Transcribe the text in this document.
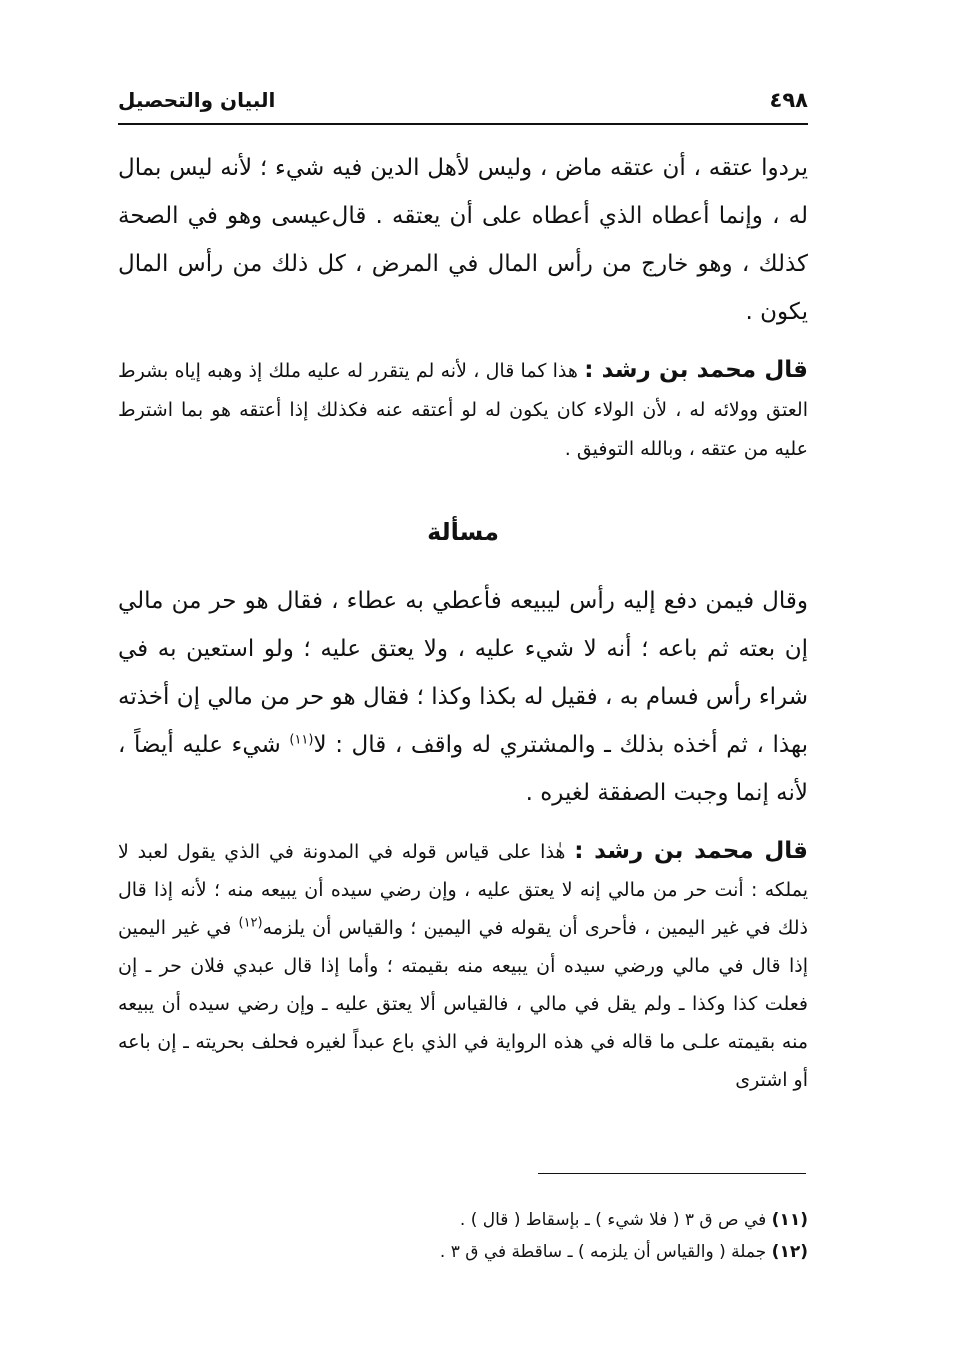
٤٩٨
البيان والتحصيل

يردوا عتقه ، أن عتقه ماض ، وليس لأهل الدين فيه شيء ؛ لأنه ليس بمال له ، وإنما أعطاه الذي أعطاه على أن يعتقه . قال‌عيسى وهو في الصحة كذلك ، وهو خارج من رأس المال في المرض ، كل ذلك من رأس المال يكون .

قال محمد بن رشد : هذا كما قال ، لأنه لم يتقرر له عليه ملك إذ وهبه إياه بشرط العتق وولائه له ، لأن الولاء كان يكون له لو أعتقه عنه فكذلك إذا أعتقه هو بما اشترط عليه من عتقه ، وبالله التوفيق .

مسألة

وقال فيمن دفع إليه رأس ليبيعه فأعطي به عطاء ، فقال هو حر من مالي إن بعته ثم باعه ؛ أنه لا شيء عليه ، ولا يعتق عليه ؛ ولو استعين به في شراء رأس فسام به ، فقيل له بكذا وكذا ؛ فقال هو حر من مالي إن أخذته بهذا ، ثم أخذه بذلك ـ والمشتري له واقف ، قال : لا$^{(١١)}$ شيء عليه أيضاً ، لأنه إنما وجبت الصفقة لغيره .

قال محمد بن رشد : هٰذا على قياس قوله في المدونة في الذي يقول لعبد لا يملكه : أنت حر من مالي إنه لا يعتق عليه ، وإن رضي سيده أن يبيعه منه ؛ لأنه إذا قال ذلك في غير اليمين ، فأحرى أن يقوله في اليمين ؛ والقياس أن يلزمه$^{(١٢)}$ في غير اليمين إذا قال في مالي ورضي سيده أن يبيعه منه بقيمته ؛ وأما إذا قال عبدي فلان حر ـ إن فعلت كذا وكذا ـ ولم يقل في مالي ، فالقياس ألا يعتق عليه ـ وإن رضي سيده أن يبيعه منه بقيمته علـى ما قاله في هذه الرواية في الذي باع عبداً لغيره فحلف بحريته ـ إن باعه أو اشترى

(١١) في ص ق ٣ ( فلا شيء ) ـ بإسقاط ( قال ) .
(١٢) جملة ( والقياس أن يلزمه ) ـ ساقطة في ق ٣ .
